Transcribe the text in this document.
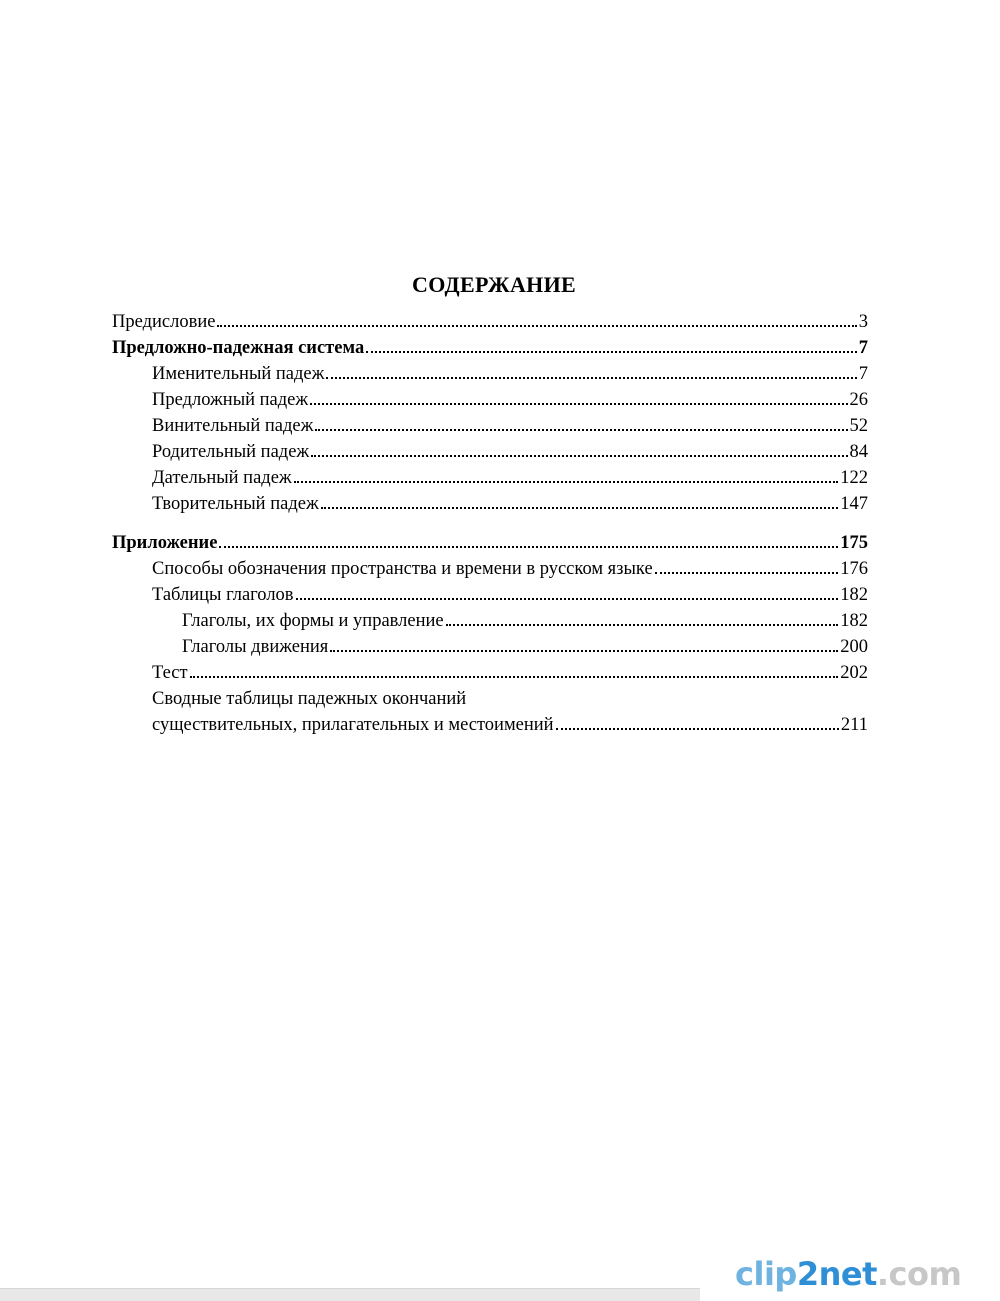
СОДЕРЖАНИЕ
Предисловие	3
Предложно-падежная система	7
Именительный падеж	7
Предложный падеж	26
Винительный падеж	52
Родительный падеж	84
Дательный падеж	122
Творительный падеж	147
Приложение	175
Способы обозначения пространства и времени в русском языке	176
Таблицы глаголов	182
Глаголы, их формы и управление	182
Глаголы движения	200
Тест	202
Сводные таблицы падежных окончаний
существительных, прилагательных и местоимений	211
clip2net.com
